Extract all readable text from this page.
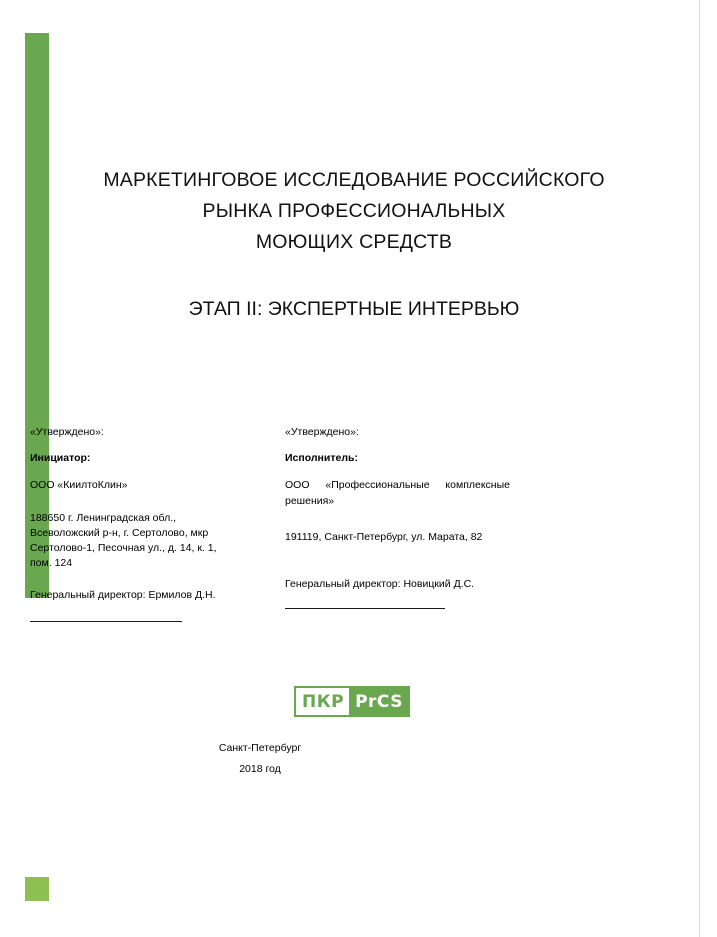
МАРКЕТИНГОВОЕ ИССЛЕДОВАНИЕ РОССИЙСКОГО
РЫНКА ПРОФЕССИОНАЛЬНЫХ
МОЮЩИХ СРЕДСТВ
ЭТАП II: ЭКСПЕРТНЫЕ ИНТЕРВЬЮ
«Утверждено»:
Инициатор:
ООО «КиилтоКлин»
188650 г. Ленинградская обл., Всеволожский р-н, г. Сертолово, мкр Сертолово-1, Песочная ул., д. 14, к. 1, пом. 124
Генеральный директор: Ермилов Д.Н.
«Утверждено»:
Исполнитель:
ООО «Профессиональные комплексные решения»
191119, Санкт-Петербург, ул. Марата, 82
Генеральный директор: Новицкий Д.С.
ПКР PrCS
Санкт-Петербург
2018 год
